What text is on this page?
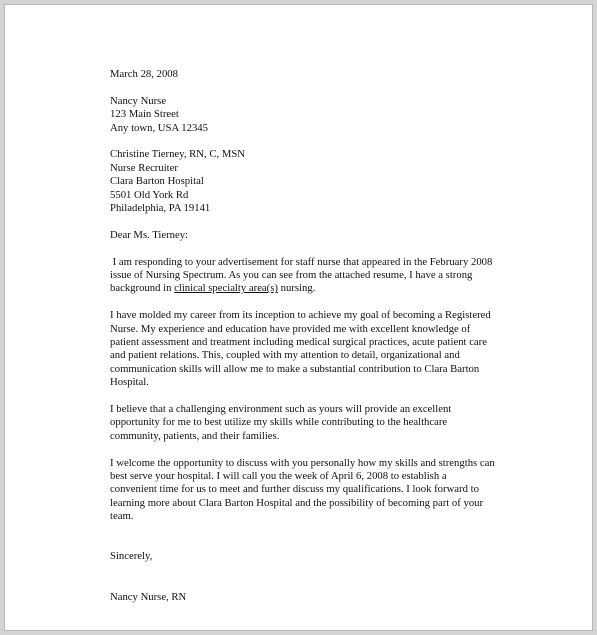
March 28, 2008
Nancy Nurse
123 Main Street
Any town, USA 12345
Christine Tierney, RN, C, MSN
Nurse Recruiter
Clara Barton Hospital
5501 Old York Rd
Philadelphia, PA 19141
Dear Ms. Tierney:
I am responding to your advertisement for staff nurse that appeared in the February 2008
issue of Nursing Spectrum. As you can see from the attached resume, I have a strong
background in clinical specialty area(s) nursing.
I have molded my career from its inception to achieve my goal of becoming a Registered
Nurse. My experience and education have provided me with excellent knowledge of
patient assessment and treatment including medical surgical practices, acute patient care
and patient relations. This, coupled with my attention to detail, organizational and
communication skills will allow me to make a substantial contribution to Clara Barton
Hospital.
I believe that a challenging environment such as yours will provide an excellent
opportunity for me to best utilize my skills while contributing to the healthcare
community, patients, and their families.
I welcome the opportunity to discuss with you personally how my skills and strengths can
best serve your hospital. I will call you the week of April 6, 2008 to establish a
convenient time for us to meet and further discuss my qualifications. I look forward to
learning more about Clara Barton Hospital and the possibility of becoming part of your
team.
Sincerely,
Nancy Nurse, RN
